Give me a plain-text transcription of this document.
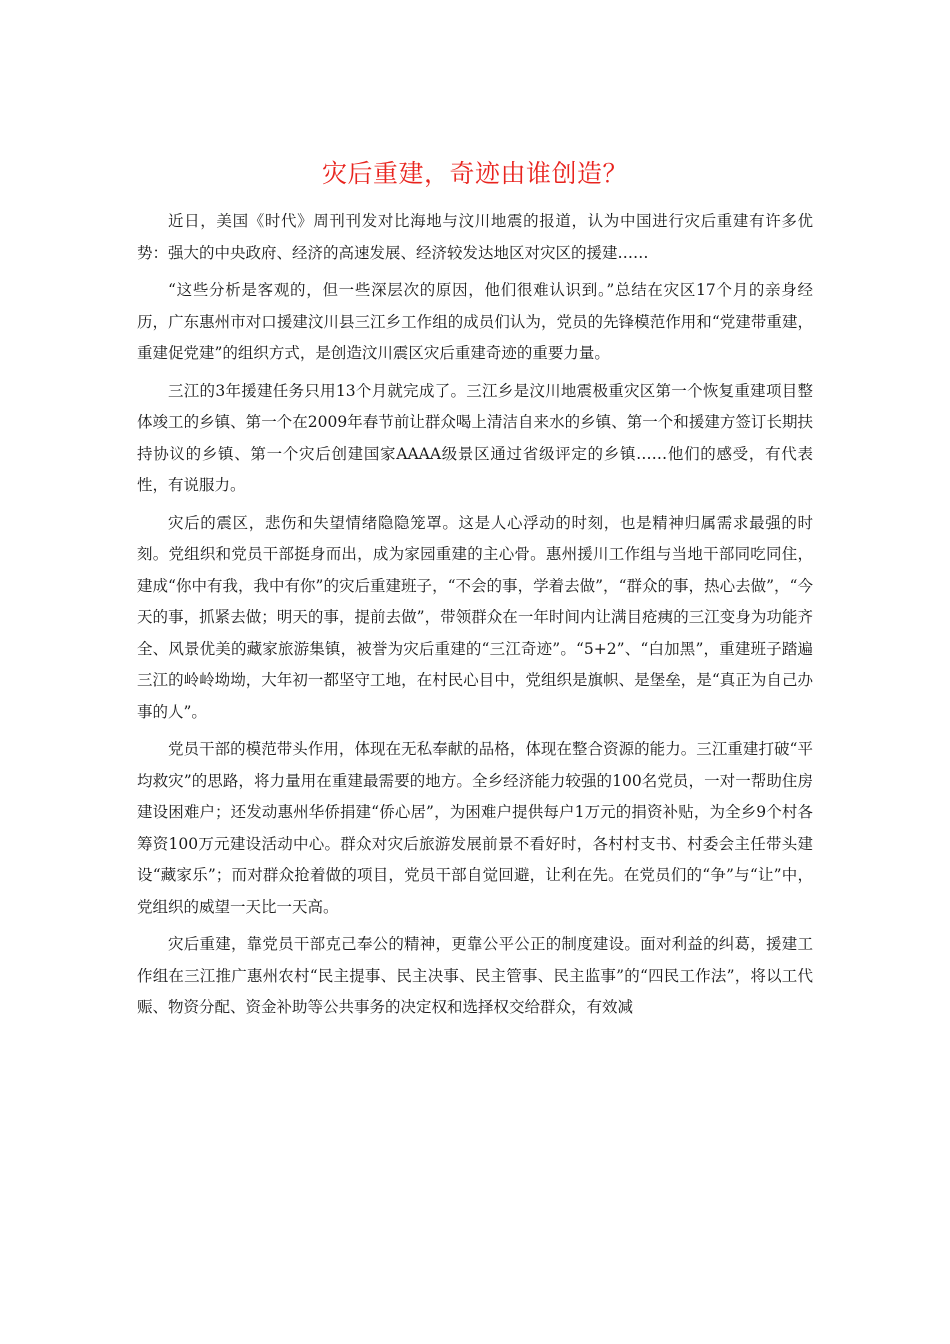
灾后重建，奇迹由谁创造？

近日，美国《时代》周刊刊发对比海地与汶川地震的报道，认为中国进行灾后重建有许多优势：强大的中央政府、经济的高速发展、经济较发达地区对灾区的援建……

“这些分析是客观的，但一些深层次的原因，他们很难认识到。”总结在灾区17个月的亲身经历，广东惠州市对口援建汶川县三江乡工作组的成员们认为，党员的先锋模范作用和“党建带重建，重建促党建”的组织方式，是创造汶川震区灾后重建奇迹的重要力量。

三江的3年援建任务只用13个月就完成了。三江乡是汶川地震极重灾区第一个恢复重建项目整体竣工的乡镇、第一个在2009年春节前让群众喝上清洁自来水的乡镇、第一个和援建方签订长期扶持协议的乡镇、第一个灾后创建国家AAAA级景区通过省级评定的乡镇……他们的感受，有代表性，有说服力。

灾后的震区，悲伤和失望情绪隐隐笼罩。这是人心浮动的时刻，也是精神归属需求最强的时刻。党组织和党员干部挺身而出，成为家园重建的主心骨。惠州援川工作组与当地干部同吃同住，建成“你中有我，我中有你”的灾后重建班子，“不会的事，学着去做”，“群众的事，热心去做”，“今天的事，抓紧去做；明天的事，提前去做”，带领群众在一年时间内让满目疮痍的三江变身为功能齐全、风景优美的藏家旅游集镇，被誉为灾后重建的“三江奇迹”。“5+2”、“白加黑”，重建班子踏遍三江的岭岭坳坳，大年初一都坚守工地，在村民心目中，党组织是旗帜、是堡垒，是“真正为自己办事的人”。

党员干部的模范带头作用，体现在无私奉献的品格，体现在整合资源的能力。三江重建打破“平均救灾”的思路，将力量用在重建最需要的地方。全乡经济能力较强的100名党员，一对一帮助住房建设困难户；还发动惠州华侨捐建“侨心居”，为困难户提供每户1万元的捐资补贴，为全乡9个村各筹资100万元建设活动中心。群众对灾后旅游发展前景不看好时，各村村支书、村委会主任带头建设“藏家乐”；而对群众抢着做的项目，党员干部自觉回避，让利在先。在党员们的“争”与“让”中，党组织的威望一天比一天高。

灾后重建，靠党员干部克己奉公的精神，更靠公平公正的制度建设。面对利益的纠葛，援建工作组在三江推广惠州农村“民主提事、民主决事、民主管事、民主监事”的“四民工作法”，将以工代赈、物资分配、资金补助等公共事务的决定权和选择权交给群众，有效减
